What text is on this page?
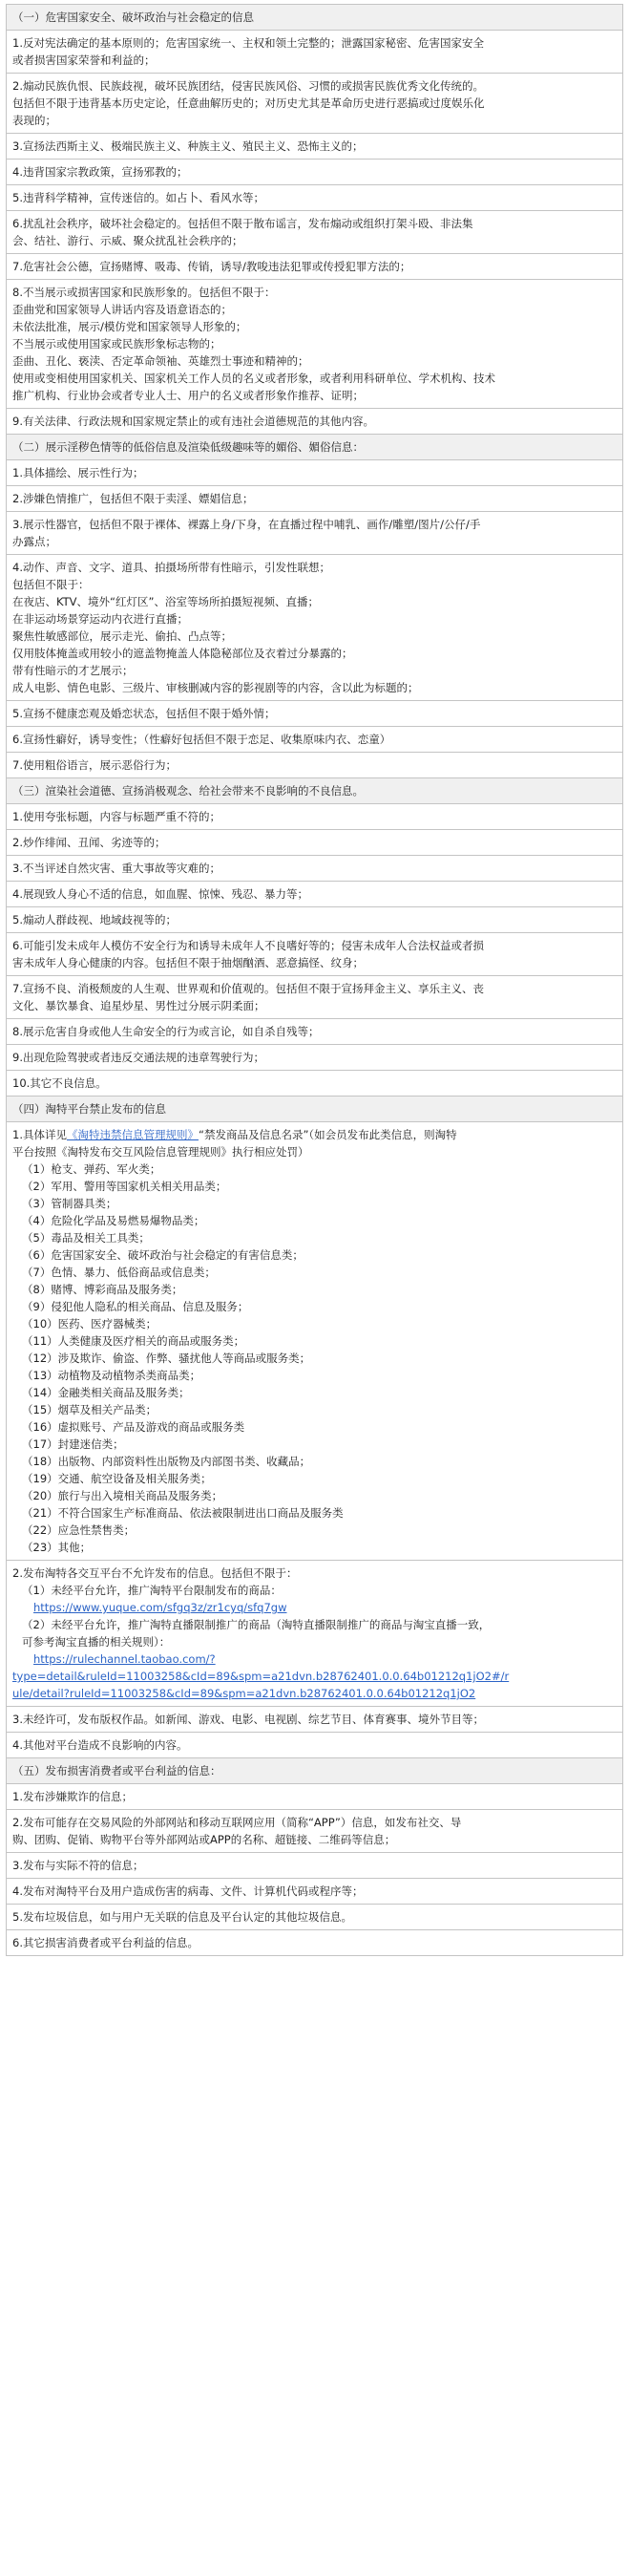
（一）危害国家安全、破坏政治与社会稳定的信息
1.反对宪法确定的基本原则的；危害国家统一、主权和领土完整的；泄露国家秘密、危害国家安全
或者损害国家荣誉和利益的；
2.煽动民族仇恨、民族歧视，破坏民族团结，侵害民族风俗、习惯的或损害民族优秀文化传统的。
包括但不限于违背基本历史定论，任意曲解历史的；对历史尤其是革命历史进行恶搞或过度娱乐化
表现的；
3.宣扬法西斯主义、极端民族主义、种族主义、殖民主义、恐怖主义的；
4.违背国家宗教政策，宣扬邪教的；
5.违背科学精神，宣传迷信的。如占卜、看风水等；
6.扰乱社会秩序，破坏社会稳定的。包括但不限于散布谣言，发布煽动或组织打架斗殴、非法集
会、结社、游行、示威、聚众扰乱社会秩序的；
7.危害社会公德，宣扬赌博、吸毒、传销，诱导/教唆违法犯罪或传授犯罪方法的；
8.不当展示或损害国家和民族形象的。包括但不限于：
歪曲党和国家领导人讲话内容及语意语态的；
未依法批准，展示/模仿党和国家领导人形象的；
不当展示或使用国家或民族形象标志物的；
歪曲、丑化、亵渎、否定革命领袖、英雄烈士事迹和精神的；
使用或变相使用国家机关、国家机关工作人员的名义或者形象，或者利用科研单位、学术机构、技术
推广机构、行业协会或者专业人士、用户的名义或者形象作推荐、证明；
9.有关法律、行政法规和国家规定禁止的或有违社会道德规范的其他内容。
（二）展示淫秽色情等的低俗信息及渲染低级趣味等的媚俗、媚俗信息：
1.具体描绘、展示性行为；
2.涉嫌色情推广，包括但不限于卖淫、嫖娼信息；
3.展示性器官，包括但不限于裸体、裸露上身/下身，在直播过程中哺乳、画作/雕塑/图片/公仔/手
办露点；
4.动作、声音、文字、道具、拍摄场所带有性暗示，引发性联想；
包括但不限于：
在夜店、KTV、境外“红灯区”、浴室等场所拍摄短视频、直播；
在非运动场景穿运动内衣进行直播；
聚焦性敏感部位，展示走光、偷拍、凸点等；
仅用肢体掩盖或用较小的遮盖物掩盖人体隐秘部位及衣着过分暴露的；
带有性暗示的才艺展示；
成人电影、情色电影、三级片、审核删减内容的影视剧等的内容，含以此为标题的；
5.宣扬不健康恋观及婚恋状态，包括但不限于婚外情；
6.宣扬性癖好，诱导变性；（性癖好包括但不限于恋足、收集原味内衣、恋童）
7.使用粗俗语言，展示恶俗行为；
（三）渲染社会道德、宣扬消极观念、给社会带来不良影响的不良信息。
1.使用夸张标题，内容与标题严重不符的；
2.炒作绯闻、丑闻、劣迹等的；
3.不当评述自然灾害、重大事故等灾难的；
4.展现致人身心不适的信息，如血腥、惊悚、残忍、暴力等；
5.煽动人群歧视、地域歧视等的；
6.可能引发未成年人模仿不安全行为和诱导未成年人不良嗜好等的；侵害未成年人合法权益或者损
害未成年人身心健康的内容。包括但不限于抽烟酗酒、恶意搞怪、纹身；
7.宣扬不良、消极颓废的人生观、世界观和价值观的。包括但不限于宣扬拜金主义、享乐主义、丧
文化、暴饮暴食、追星炒星、男性过分展示阴柔面；
8.展示危害自身或他人生命安全的行为或言论，如自杀自残等；
9.出现危险驾驶或者违反交通法规的违章驾驶行为；
10.其它不良信息。
（四）淘特平台禁止发布的信息
1.具体详见《淘特违禁信息管理规则》“禁发商品及信息名录”（如会员发布此类信息，则淘特
平台按照《淘特发布交互风险信息管理规则》执行相应处罚）
（1）枪支、弹药、军火类；
（2）军用、警用等国家机关相关用品类；
（3）管制器具类；
（4）危险化学品及易燃易爆物品类；
（5）毒品及相关工具类；
（6）危害国家安全、破坏政治与社会稳定的有害信息类；
（7）色情、暴力、低俗商品或信息类；
（8）赌博、博彩商品及服务类；
（9）侵犯他人隐私的相关商品、信息及服务；
（10）医药、医疗器械类；
（11）人类健康及医疗相关的商品或服务类；
（12）涉及欺诈、偷盗、作弊、骚扰他人等商品或服务类；
（13）动植物及动植物杀类商品类；
（14）金融类相关商品及服务类；
（15）烟草及相关产品类；
（16）虚拟账号、产品及游戏的商品或服务类
（17）封建迷信类；
（18）出版物、内部资料性出版物及内部图书类、收藏品；
（19）交通、航空设备及相关服务类；
（20）旅行与出入境相关商品及服务类；
（21）不符合国家生产标准商品、依法被限制进出口商品及服务类
（22）应急性禁售类；
（23）其他；
2.发布淘特各交互平台不允许发布的信息。包括但不限于：
（1）未经平台允许，推广淘特平台限制发布的商品：
https://www.yuque.com/sfgq3z/zr1cyq/sfq7gw
（2）未经平台允许，推广淘特直播限制推广的商品（淘特直播限制推广的商品与淘宝直播一致，
可参考淘宝直播的相关规则）：
https://rulechannel.taobao.com/?
type=detail&ruleId=11003258&cId=89&spm=a21dvn.b28762401.0.0.64b01212q1jO2#/r
ule/detail?ruleId=11003258&cId=89&spm=a21dvn.b28762401.0.0.64b01212q1jO2
3.未经许可，发布版权作品。如新闻、游戏、电影、电视剧、综艺节目、体育赛事、境外节目等；
4.其他对平台造成不良影响的内容。
（五）发布损害消费者或平台利益的信息：
1.发布涉嫌欺诈的信息；
2.发布可能存在交易风险的外部网站和移动互联网应用（简称“APP”）信息，如发布社交、导
购、团购、促销、购物平台等外部网站或APP的名称、超链接、二维码等信息；
3.发布与实际不符的信息；
4.发布对淘特平台及用户造成伤害的病毒、文件、计算机代码或程序等；
5.发布垃圾信息，如与用户无关联的信息及平台认定的其他垃圾信息。
6.其它损害消费者或平台利益的信息。
